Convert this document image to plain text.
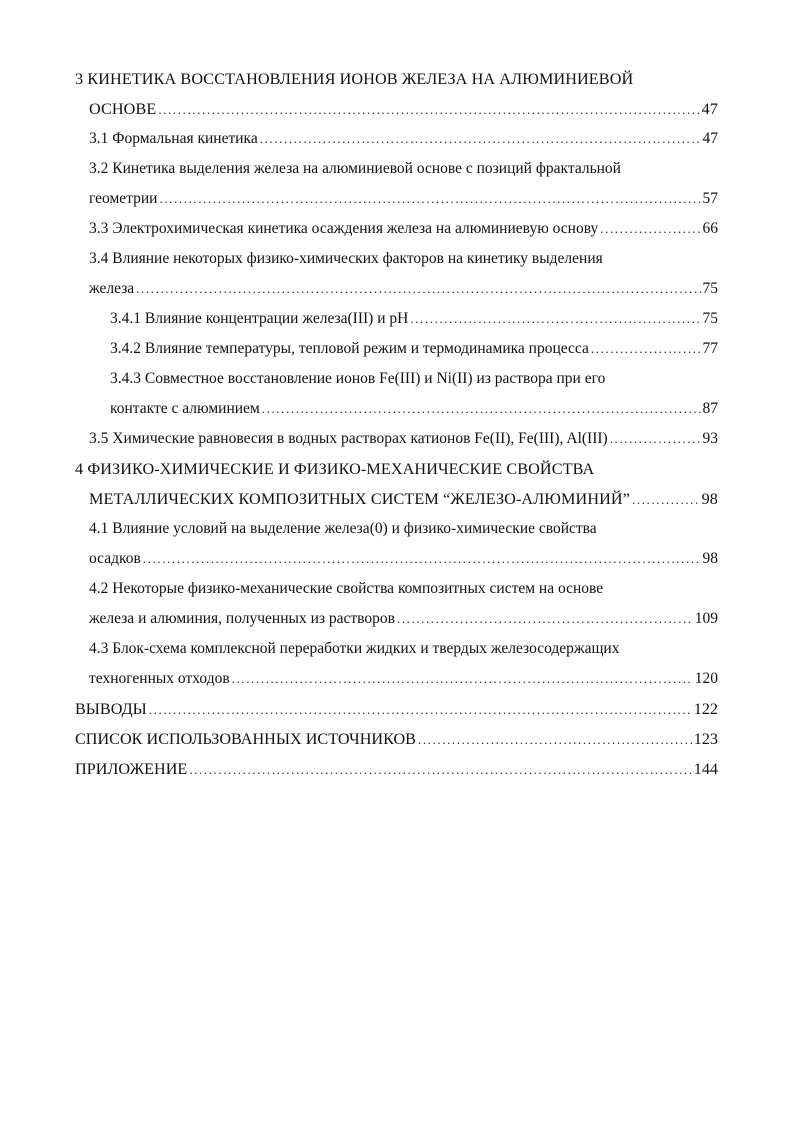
3 КИНЕТИКА ВОССТАНОВЛЕНИЯ ИОНОВ ЖЕЛЕЗА НА АЛЮМИНИЕВОЙ
ОСНОВЕ .....	47
3.1 Формальная кинетика .....	47
3.2 Кинетика выделения железа на алюминиевой основе с позиций фрактальной
геометрии .....	57
3.3 Электрохимическая кинетика осаждения железа на алюминиевую основу .....	66
3.4 Влияние некоторых физико-химических факторов на кинетику выделения
железа .....	75
3.4.1 Влияние концентрации железа(III) и pH .....	75
3.4.2 Влияние температуры, тепловой режим и термодинамика процесса .....	77
3.4.3 Совместное восстановление ионов Fe(III) и Ni(II) из раствора при его
контакте с алюминием .....	87
3.5 Химические равновесия в водных растворах катионов Fe(II), Fe(III), Al(III) .....	93
4 ФИЗИКО-ХИМИЧЕСКИЕ И ФИЗИКО-МЕХАНИЧЕСКИЕ СВОЙСТВА
МЕТАЛЛИЧЕСКИХ КОМПОЗИТНЫХ СИСТЕМ “ЖЕЛЕЗО-АЛЮМИНИЙ” .....	98
4.1 Влияние условий на выделение железа(0) и физико-химические свойства
осадков .....	98
4.2 Некоторые физико-механические свойства композитных систем на основе
железа и алюминия, полученных из растворов .....	109
4.3 Блок-схема комплексной переработки жидких и твердых железосодержащих
техногенных отходов .....	120
ВЫВОДЫ .....	122
СПИСОК ИСПОЛЬЗОВАННЫХ ИСТОЧНИКОВ .....	123
ПРИЛОЖЕНИЕ .....	144
